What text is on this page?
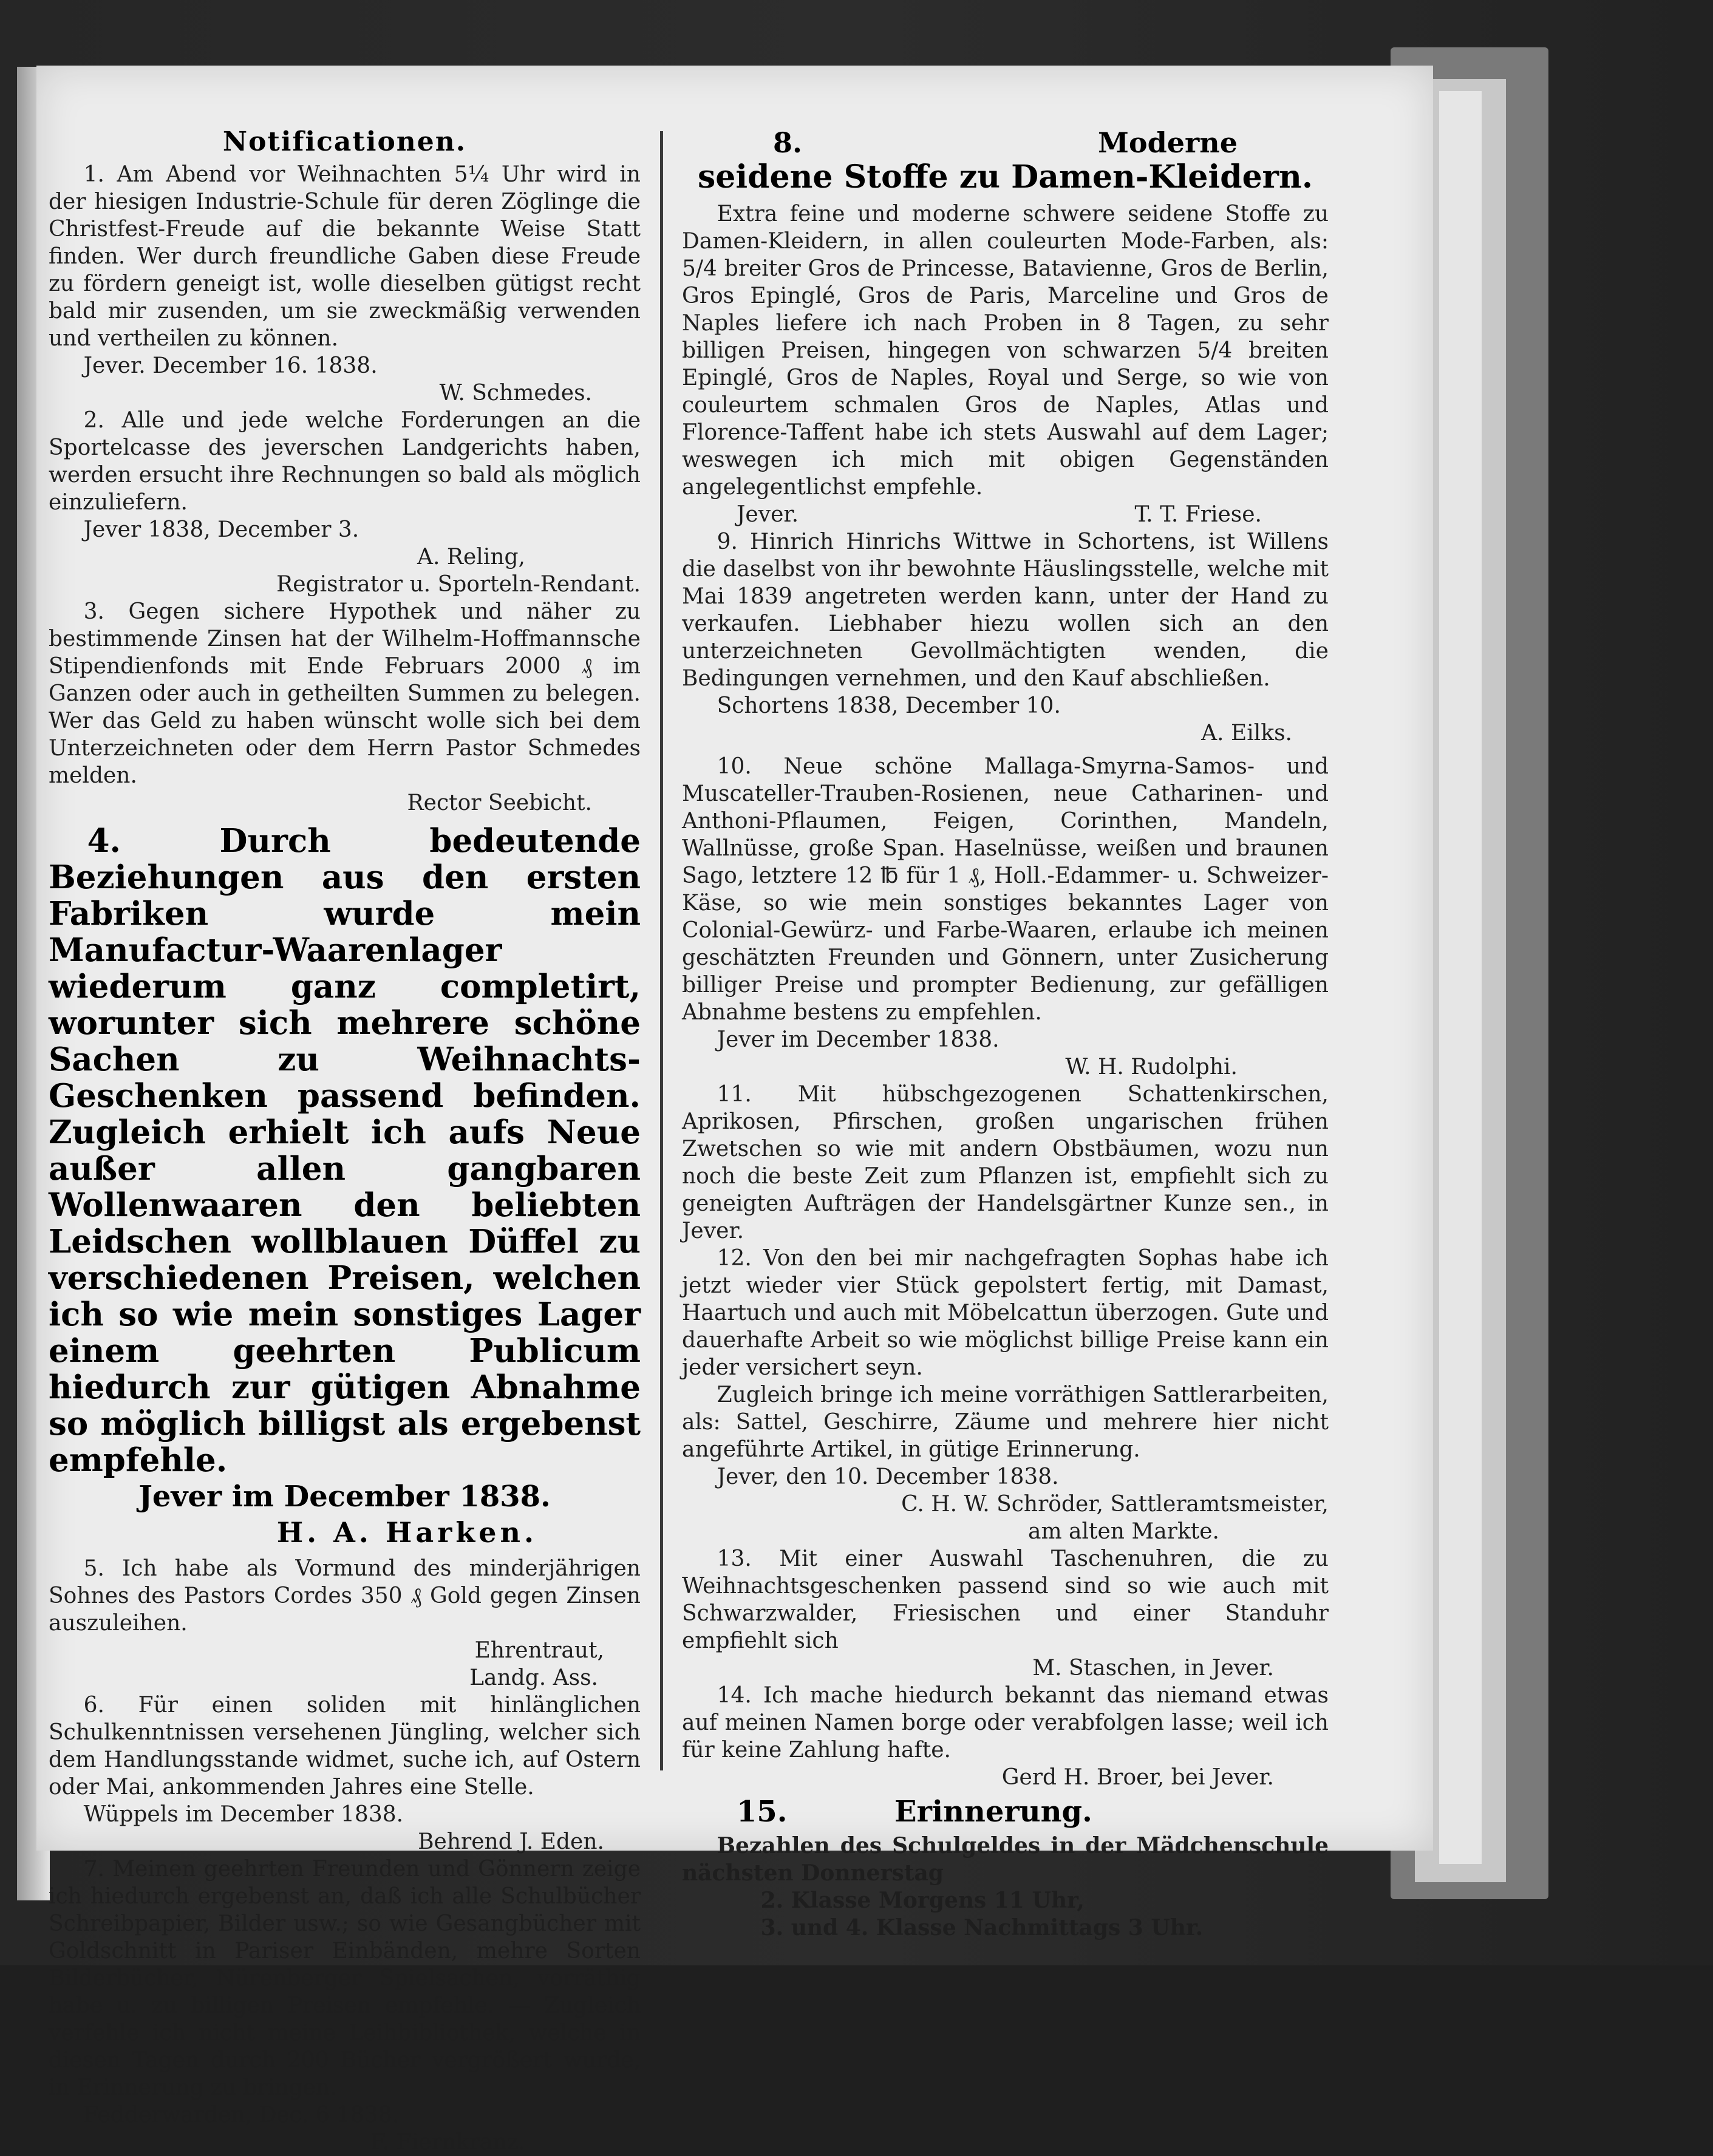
Notificationen.

1. Am Abend vor Weihnachten 5¼ Uhr wird in der hiesigen Industrie-Schule für deren Zöglinge die Christfest-Freude auf die bekannte Weise Statt finden. Wer durch freundliche Gaben diese Freude zu fördern geneigt ist, wolle dieselben gütigst recht bald mir zusenden, um sie zweckmäßig verwenden und vertheilen zu können.

Jever. December 16. 1838.

W. Schmedes.

2. Alle und jede welche Forderungen an die Sportelcasse des jeverschen Landgerichts haben, werden ersucht ihre Rechnungen so bald als möglich einzuliefern.

Jever 1838, December 3.

A. Reling,

Registrator u. Sporteln-Rendant.

3. Gegen sichere Hypothek und näher zu bestimmende Zinsen hat der Wilhelm-Hoffmannsche Stipendienfonds mit Ende Februars 2000 ₰ im Ganzen oder auch in getheilten Summen zu belegen. Wer das Geld zu haben wünscht wolle sich bei dem Unterzeichneten oder dem Herrn Pastor Schmedes melden.

Rector Seebicht.

4. Durch bedeutende Beziehungen aus den ersten Fabriken wurde mein Manufactur-Waarenlager wiederum ganz completirt, worunter sich mehrere schöne Sachen zu Weihnachts-Geschenken passend befinden. Zugleich erhielt ich aufs Neue außer allen gangbaren Wollenwaaren den beliebten Leidschen wollblauen Düffel zu verschiedenen Preisen, welchen ich so wie mein sonstiges Lager einem geehrten Publicum hiedurch zur gütigen Abnahme so möglich billigst als ergebenst empfehle.

Jever im December 1838.

H. A. Harken.

5. Ich habe als Vormund des minderjährigen Sohnes des Pastors Cordes 350 ₰ Gold gegen Zinsen auszuleihen.

Ehrentraut,

Landg. Ass.

6. Für einen soliden mit hinlänglichen Schulkenntnissen versehenen Jüngling, welcher sich dem Handlungsstande widmet, suche ich, auf Ostern oder Mai, ankommenden Jahres eine Stelle.

Wüppels im December 1838.

Behrend J. Eden.

7. Meinen geehrten Freunden und Gönnern zeige ich hiedurch ergebenst an, daß ich alle Schulbücher Schreibpapier, Bilder usw.; so wie Gesangbücher mit Goldschnitt in Pariser Einbänden, mehre Sorten Bilderbücher, Nürenberger Spielsachen, vorräthig habe u. zu billigen Preisen empfehle. — Zugleich verfehle ich nicht meine Leihbibliothek, welche in diesen Tagen durch 200 Bücher vergrößert wurde, in Erinnerung zu bringen.

Fedderwarden, Dec. 6 1838.

F. Fiernkranz.

8.	Moderne
seidene Stoffe zu Damen-Kleidern.

Extra feine und moderne schwere seidene Stoffe zu Damen-Kleidern, in allen couleurten Mode-Farben, als: 5/4 breiter Gros de Princesse, Batavienne, Gros de Berlin, Gros Epinglé, Gros de Paris, Marceline und Gros de Naples liefere ich nach Proben in 8 Tagen, zu sehr billigen Preisen, hingegen von schwarzen 5/4 breiten Epinglé, Gros de Naples, Royal und Serge, so wie von couleurtem schmalen Gros de Naples, Atlas und Florence-Taffent habe ich stets Auswahl auf dem Lager; weswegen ich mich mit obigen Gegenständen angelegentlichst empfehle.

Jever.	T. T. Friese.

9. Hinrich Hinrichs Wittwe in Schortens, ist Willens die daselbst von ihr bewohnte Häuslingsstelle, welche mit Mai 1839 angetreten werden kann, unter der Hand zu verkaufen. Liebhaber hiezu wollen sich an den unterzeichneten Gevollmächtigten wenden, die Bedingungen vernehmen, und den Kauf abschließen.

Schortens 1838, December 10.

A. Eilks.

10. Neue schöne Mallaga-Smyrna-Samos- und Muscateller-Trauben-Rosienen, neue Catharinen- und Anthoni-Pflaumen, Feigen, Corinthen, Mandeln, Wallnüsse, große Span. Haselnüsse, weißen und braunen Sago, letztere 12 ℔ für 1 ₰, Holl.-Edammer- u. Schweizer-Käse, so wie mein sonstiges bekanntes Lager von Colonial-Gewürz- und Farbe-Waaren, erlaube ich meinen geschätzten Freunden und Gönnern, unter Zusicherung billiger Preise und prompter Bedienung, zur gefälligen Abnahme bestens zu empfehlen.

Jever im December 1838.

W. H. Rudolphi.

11. Mit hübschgezogenen Schattenkirschen, Aprikosen, Pfirschen, großen ungarischen frühen Zwetschen so wie mit andern Obstbäumen, wozu nun noch die beste Zeit zum Pflanzen ist, empfiehlt sich zu geneigten Aufträgen der Handelsgärtner Kunze sen., in Jever.

12. Von den bei mir nachgefragten Sophas habe ich jetzt wieder vier Stück gepolstert fertig, mit Damast, Haartuch und auch mit Möbelcattun überzogen. Gute und dauerhafte Arbeit so wie möglichst billige Preise kann ein jeder versichert seyn.

Zugleich bringe ich meine vorräthigen Sattlerarbeiten, als: Sattel, Geschirre, Zäume und mehrere hier nicht angeführte Artikel, in gütige Erinnerung.

Jever, den 10. December 1838.

C. H. W. Schröder, Sattleramtsmeister,

am alten Markte.

13. Mit einer Auswahl Taschenuhren, die zu Weihnachtsgeschenken passend sind so wie auch mit Schwarzwalder, Friesischen und einer Standuhr empfiehlt sich

M. Staschen, in Jever.

14. Ich mache hiedurch bekannt das niemand etwas auf meinen Namen borge oder verabfolgen lasse; weil ich für keine Zahlung hafte.

Gerd H. Broer, bei Jever.

15.	Erinnerung.

Bezahlen des Schulgeldes in der Mädchenschule nächsten Donnerstag

2. Klasse Morgens 11 Uhr,

3. und 4. Klasse Nachmittags 3 Uhr.
